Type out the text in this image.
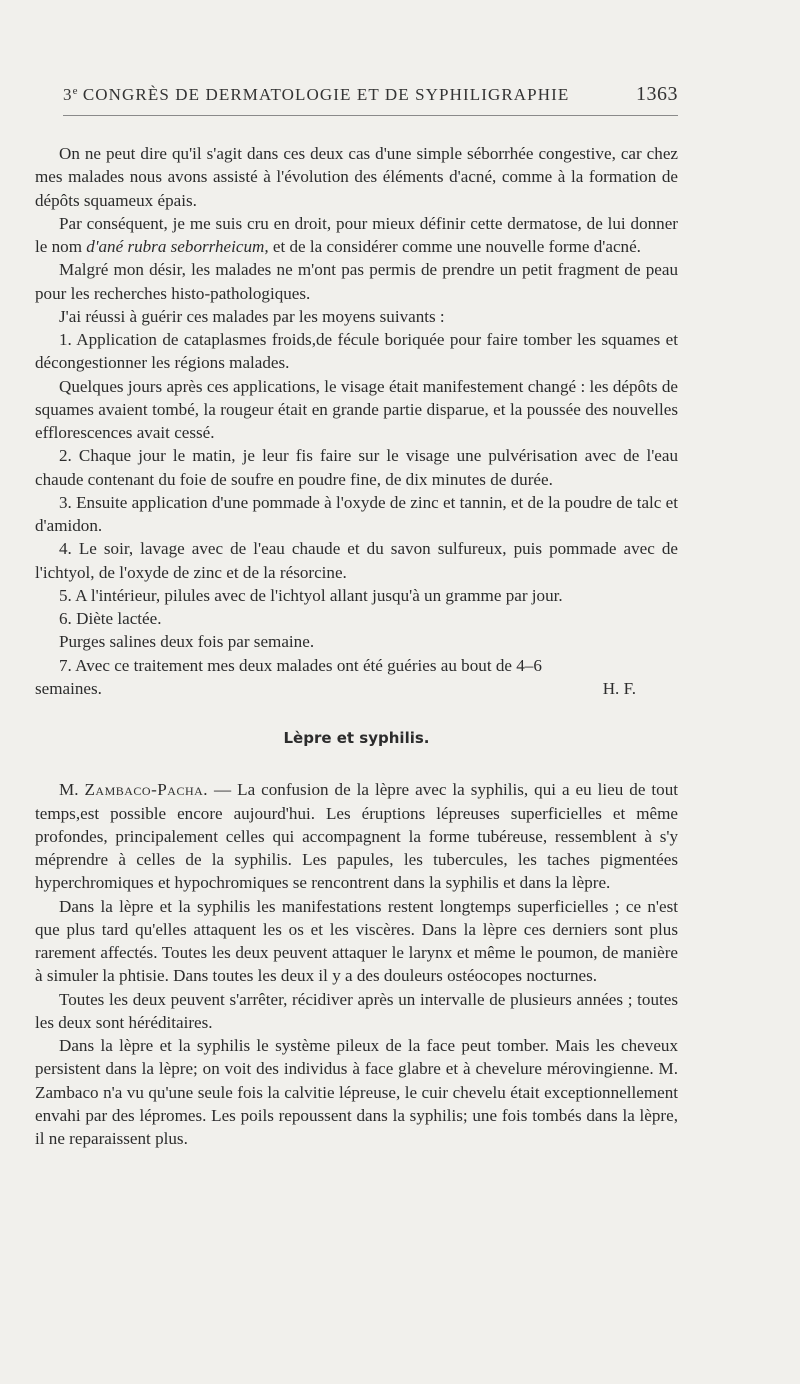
3e CONGRÈS DE DERMATOLOGIE ET DE SYPHILIGRAPHIE	1363

On ne peut dire qu'il s'agit dans ces deux cas d'une simple séborrhée congestive, car chez mes malades nous avons assisté à l'évolution des éléments d'acné, comme à la formation de dépôts squameux épais.

Par conséquent, je me suis cru en droit, pour mieux définir cette dermatose, de lui donner le nom d'ané rubra seborrheicum, et de la considérer comme une nouvelle forme d'acné.

Malgré mon désir, les malades ne m'ont pas permis de prendre un petit fragment de peau pour les recherches histo-pathologiques.

J'ai réussi à guérir ces malades par les moyens suivants :

1. Application de cataplasmes froids,de fécule boriquée pour faire tomber les squames et décongestionner les régions malades.

Quelques jours après ces applications, le visage était manifestement changé : les dépôts de squames avaient tombé, la rougeur était en grande partie disparue, et la poussée des nouvelles efflorescences avait cessé.

2. Chaque jour le matin, je leur fis faire sur le visage une pulvérisation avec de l'eau chaude contenant du foie de soufre en poudre fine, de dix minutes de durée.

3. Ensuite application d'une pommade à l'oxyde de zinc et tannin, et de la poudre de talc et d'amidon.

4. Le soir, lavage avec de l'eau chaude et du savon sulfureux, puis pommade avec de l'ichtyol, de l'oxyde de zinc et de la résorcine.

5. A l'intérieur, pilules avec de l'ichtyol allant jusqu'à un gramme par jour.

6. Diète lactée.

Purges salines deux fois par semaine.

7. Avec ce traitement mes deux malades ont été guéries au bout de 4–6

semaines.	H. F.

Lèpre et syphilis.

M. Zambaco-Pacha. — La confusion de la lèpre avec la syphilis, qui a eu lieu de tout temps,est possible encore aujourd'hui. Les éruptions lépreuses superficielles et même profondes, principalement celles qui accompagnent la forme tubéreuse, ressemblent à s'y méprendre à celles de la syphilis. Les papules, les tubercules, les taches pigmentées hyperchromiques et hypochromiques se rencontrent dans la syphilis et dans la lèpre.

Dans la lèpre et la syphilis les manifestations restent longtemps superficielles ; ce n'est que plus tard qu'elles attaquent les os et les viscères. Dans la lèpre ces derniers sont plus rarement affectés. Toutes les deux peuvent attaquer le larynx et même le poumon, de manière à simuler la phtisie. Dans toutes les deux il y a des douleurs ostéocopes nocturnes.

Toutes les deux peuvent s'arrêter, récidiver après un intervalle de plusieurs années ; toutes les deux sont héréditaires.

Dans la lèpre et la syphilis le système pileux de la face peut tomber. Mais les cheveux persistent dans la lèpre; on voit des individus à face glabre et à chevelure mérovingienne. M. Zambaco n'a vu qu'une seule fois la calvitie lépreuse, le cuir chevelu était exceptionnellement envahi par des lépromes. Les poils repoussent dans la syphilis; une fois tombés dans la lèpre, il ne reparaissent plus.
